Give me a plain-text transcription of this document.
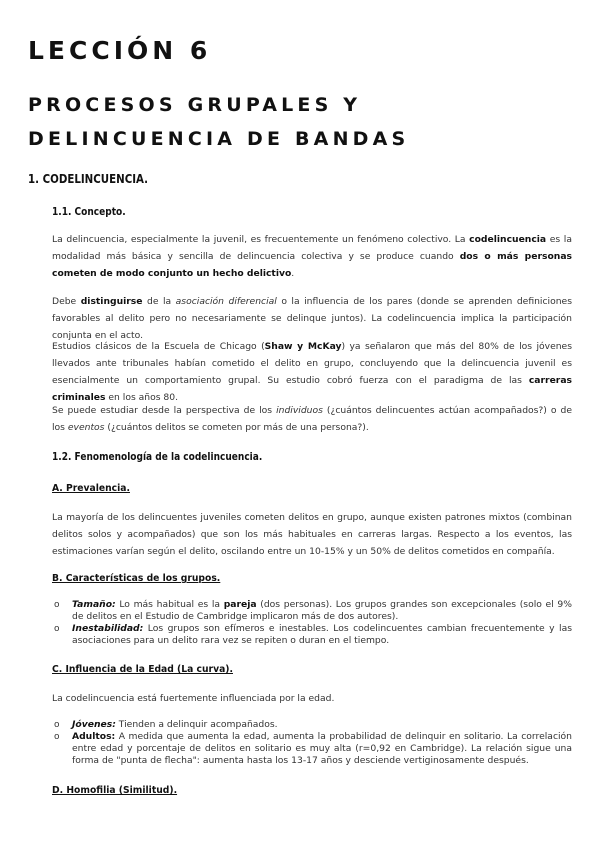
LECCIÓN 6
PROCESOS GRUPALES Y
DELINCUENCIA DE BANDAS
1. CODELINCUENCIA.
1.1. Concepto.

La delincuencia, especialmente la juvenil, es frecuentemente un fenómeno colectivo. La codelincuencia es la modalidad más básica y sencilla de delincuencia colectiva y se produce cuando dos o más personas cometen de modo conjunto un hecho delictivo.

Debe distinguirse de la asociación diferencial o la influencia de los pares (donde se aprenden definiciones favorables al delito pero no necesariamente se delinque juntos). La codelincuencia implica la participación conjunta en el acto.

Estudios clásicos de la Escuela de Chicago (Shaw y McKay) ya señalaron que más del 80% de los jóvenes llevados ante tribunales habían cometido el delito en grupo, concluyendo que la delincuencia juvenil es esencialmente un comportamiento grupal. Su estudio cobró fuerza con el paradigma de las carreras criminales en los años 80.

Se puede estudiar desde la perspectiva de los individuos (¿cuántos delincuentes actúan acompañados?) o de los eventos (¿cuántos delitos se cometen por más de una persona?).

1.2. Fenomenología de la codelincuencia.
A. Prevalencia.

La mayoría de los delincuentes juveniles cometen delitos en grupo, aunque existen patrones mixtos (combinan delitos solos y acompañados) que son los más habituales en carreras largas. Respecto a los eventos, las estimaciones varían según el delito, oscilando entre un 10-15% y un 50% de delitos cometidos en compañía.

B. Características de los grupos.
o Tamaño: Lo más habitual es la pareja (dos personas). Los grupos grandes son excepcionales (solo el 9% de delitos en el Estudio de Cambridge implicaron más de dos autores).
o Inestabilidad: Los grupos son efímeros e inestables. Los codelincuentes cambian frecuentemente y las asociaciones para un delito rara vez se repiten o duran en el tiempo.
C. Influencia de la Edad (La curva).

La codelincuencia está fuertemente influenciada por la edad.

o Jóvenes: Tienden a delinquir acompañados.
o Adultos: A medida que aumenta la edad, aumenta la probabilidad de delinquir en solitario. La correlación entre edad y porcentaje de delitos en solitario es muy alta (r=0,92 en Cambridge). La relación sigue una forma de "punta de flecha": aumenta hasta los 13-17 años y desciende vertiginosamente después.
D. Homofilia (Similitud).
